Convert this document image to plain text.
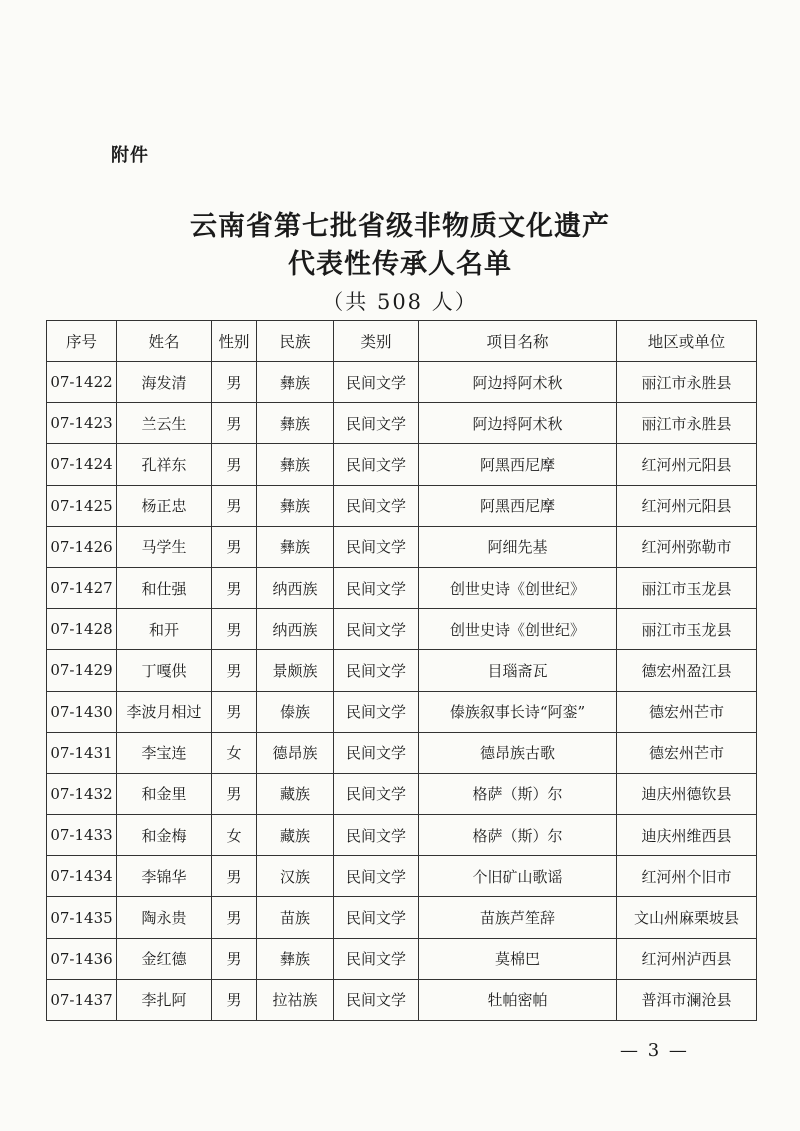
附件
云南省第七批省级非物质文化遗产
代表性传承人名单
（共 508 人）
序号	姓名	性别	民族	类别	项目名称	地区或单位
07-1422	海发清	男	彝族	民间文学	阿边捋阿术秋	丽江市永胜县
07-1423	兰云生	男	彝族	民间文学	阿边捋阿术秋	丽江市永胜县
07-1424	孔祥东	男	彝族	民间文学	阿黑西尼摩	红河州元阳县
07-1425	杨正忠	男	彝族	民间文学	阿黑西尼摩	红河州元阳县
07-1426	马学生	男	彝族	民间文学	阿细先基	红河州弥勒市
07-1427	和仕强	男	纳西族	民间文学	创世史诗《创世纪》	丽江市玉龙县
07-1428	和开	男	纳西族	民间文学	创世史诗《创世纪》	丽江市玉龙县
07-1429	丁嘎供	男	景颇族	民间文学	目瑙斋瓦	德宏州盈江县
07-1430	李波月相过	男	傣族	民间文学	傣族叙事长诗“阿銮”	德宏州芒市
07-1431	李宝连	女	德昂族	民间文学	德昂族古歌	德宏州芒市
07-1432	和金里	男	藏族	民间文学	格萨（斯）尔	迪庆州德钦县
07-1433	和金梅	女	藏族	民间文学	格萨（斯）尔	迪庆州维西县
07-1434	李锦华	男	汉族	民间文学	个旧矿山歌谣	红河州个旧市
07-1435	陶永贵	男	苗族	民间文学	苗族芦笙辞	文山州麻栗坡县
07-1436	金红德	男	彝族	民间文学	莫棉巴	红河州泸西县
07-1437	李扎阿	男	拉祜族	民间文学	牡帕密帕	普洱市澜沧县
— 3 —
